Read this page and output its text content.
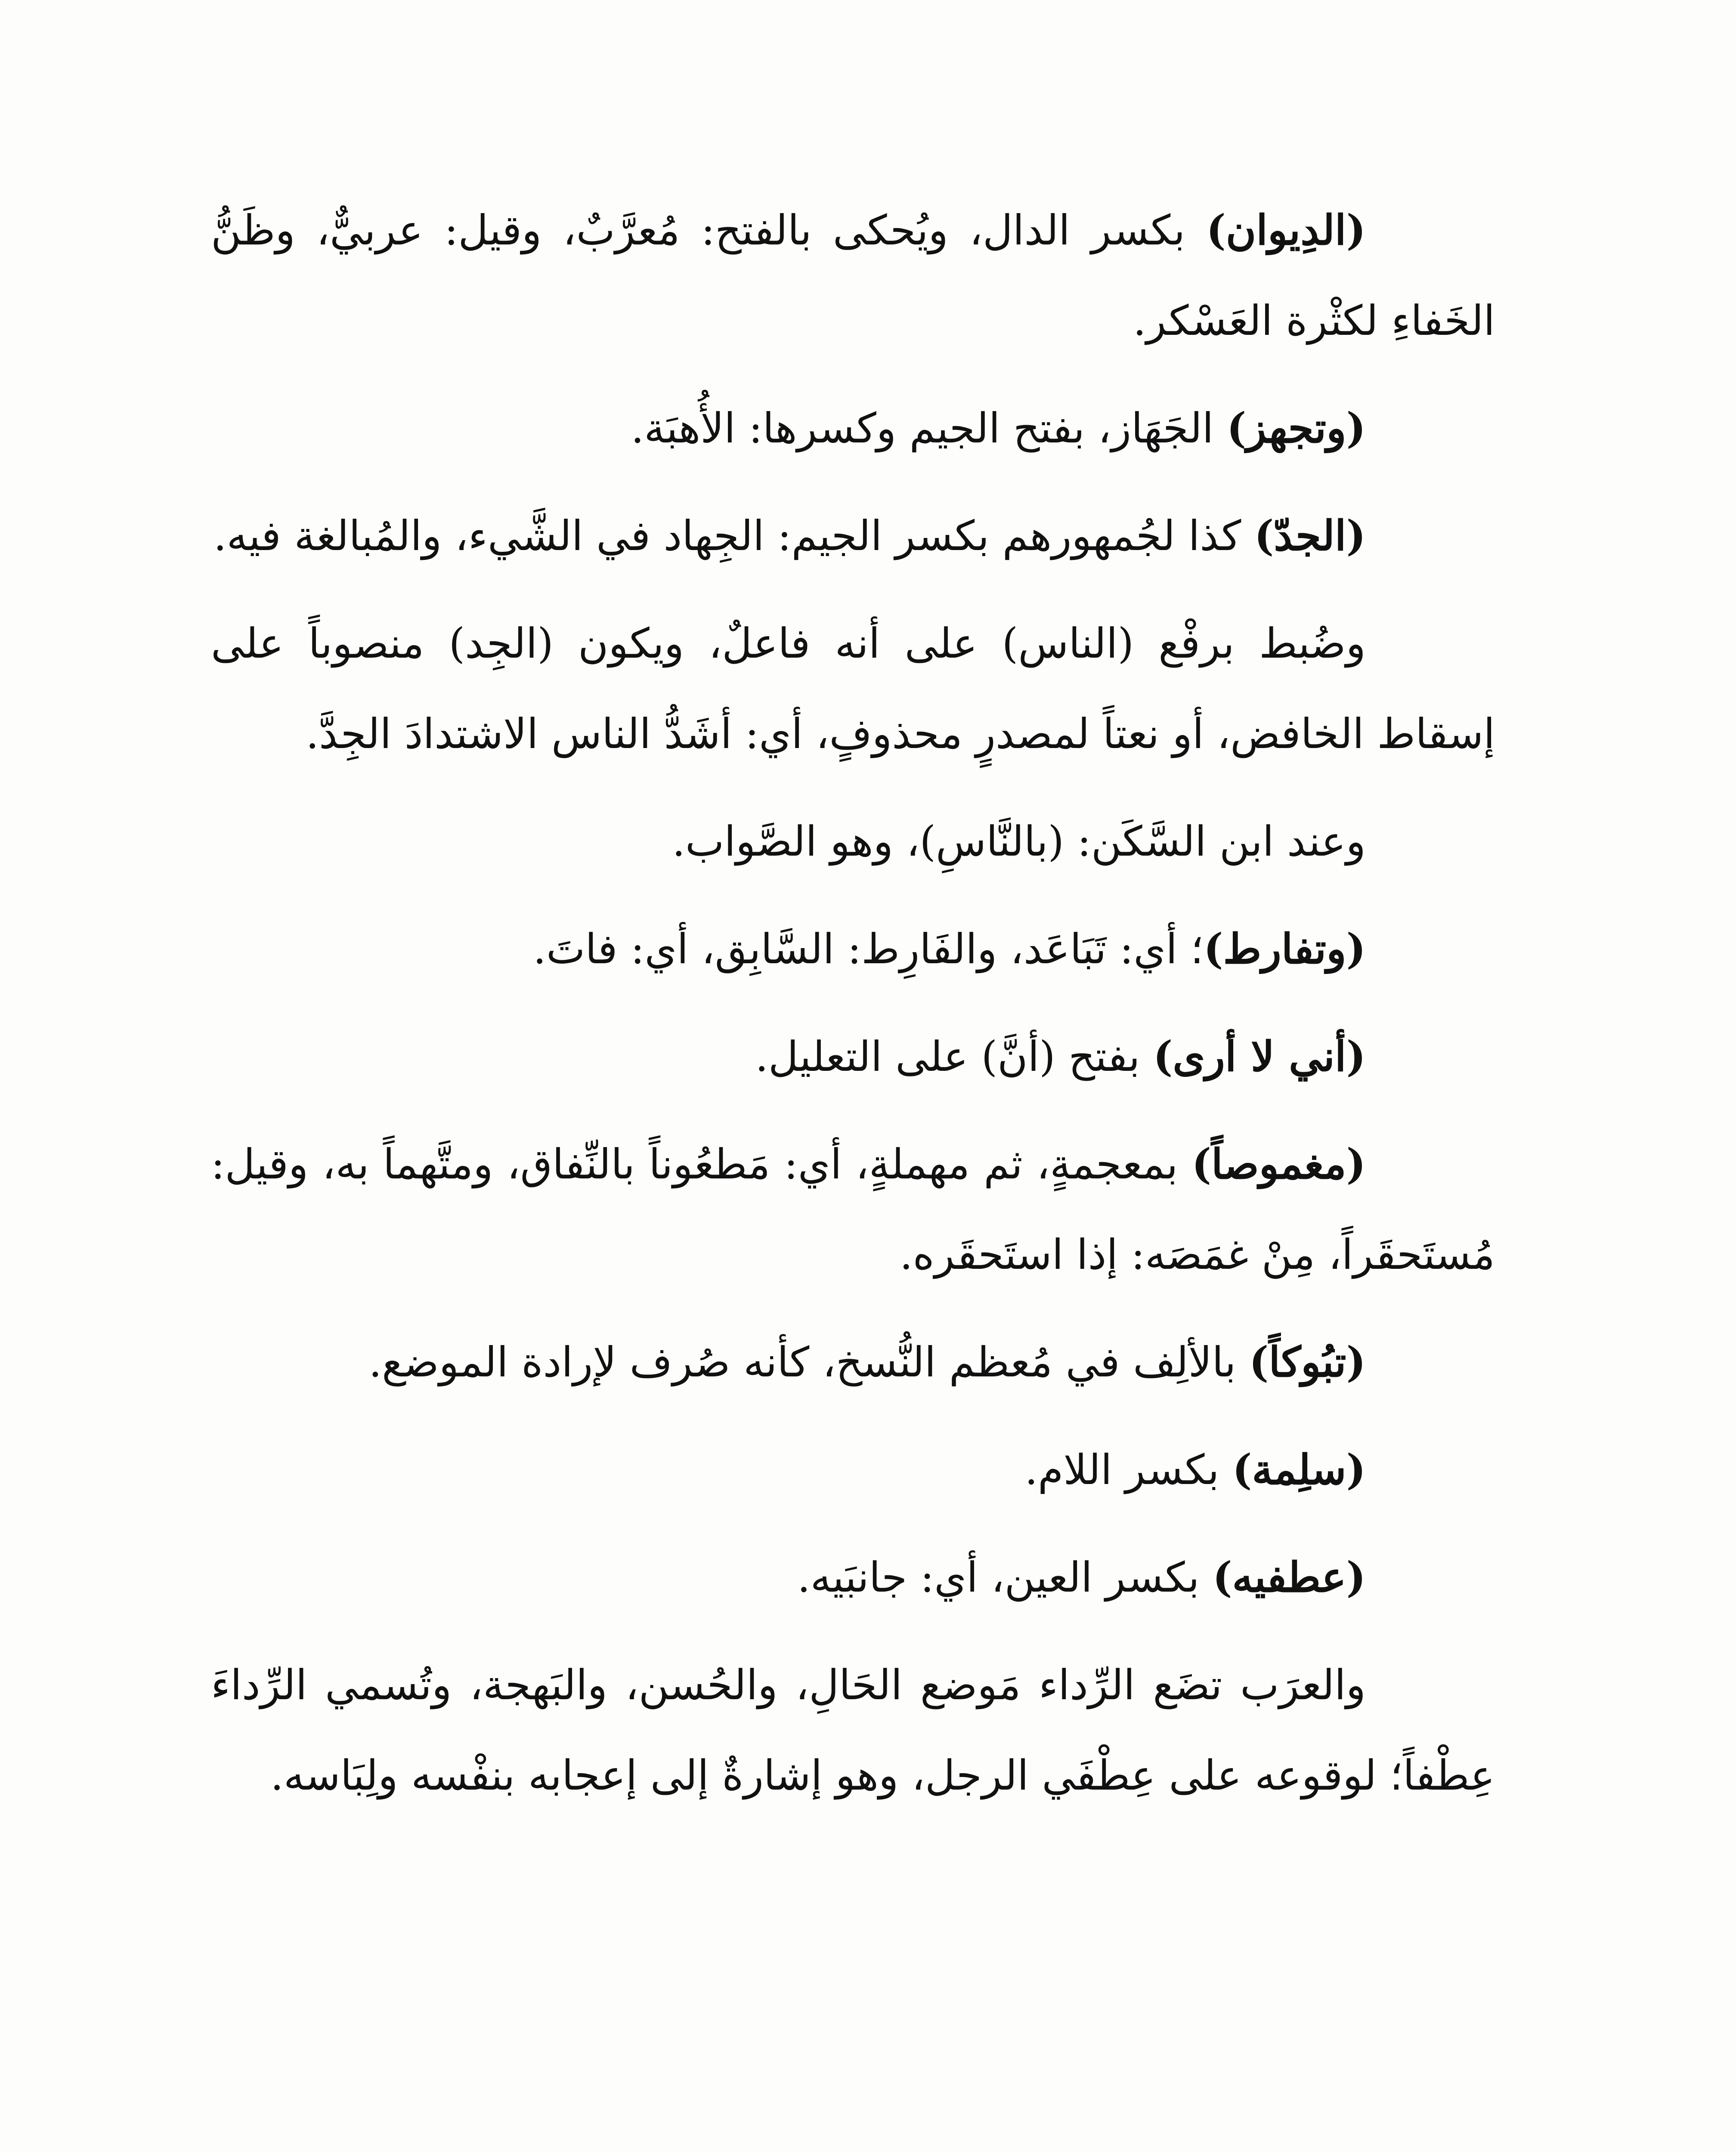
(الدِيوان) بكسر الدال، ويُحكى بالفتح: مُعرَّبٌ، وقيل: عربيٌّ، وظَنُّ الخَفاءِ لكثْرة العَسْكر.

(وتجهز) الجَهَاز، بفتح الجيم وكسرها: الأُهبَة.

(الجدّ) كذا لجُمهورهم بكسر الجيم: الجِهاد في الشَّيء، والمُبالغة فيه.

وضُبط برفْع (الناس) على أنه فاعلٌ، ويكون (الجِد) منصوباً على إسقاط الخافض، أو نعتاً لمصدرٍ محذوفٍ، أي: أشَدُّ الناس الاشتدادَ الجِدَّ.

وعند ابن السَّكَن: (بالنَّاسِ)، وهو الصَّواب.

(وتفارط)؛ أي: تَبَاعَد، والفَارِط: السَّابِق، أي: فاتَ.

(أني لا أرى) بفتح (أنَّ) على التعليل.

(مغموصاً) بمعجمةٍ، ثم مهملةٍ، أي: مَطعُوناً بالنِّفاق، ومتَّهماً به، وقيل: مُستَحقَراً، مِنْ غمَصَه: إذا استَحقَره.

(تبُوكاً) بالألِف في مُعظم النُّسخ، كأنه صُرف لإرادة الموضع.

(سلِمة) بكسر اللام.

(عطفيه) بكسر العين، أي: جانبَيه.

والعرَب تضَع الرِّداء مَوضع الحَالِ، والحُسن، والبَهجة، وتُسمي الرِّداءَ عِطْفاً؛ لوقوعه على عِطْفَي الرجل، وهو إشارةٌ إلى إعجابه بنفْسه ولِبَاسه.
